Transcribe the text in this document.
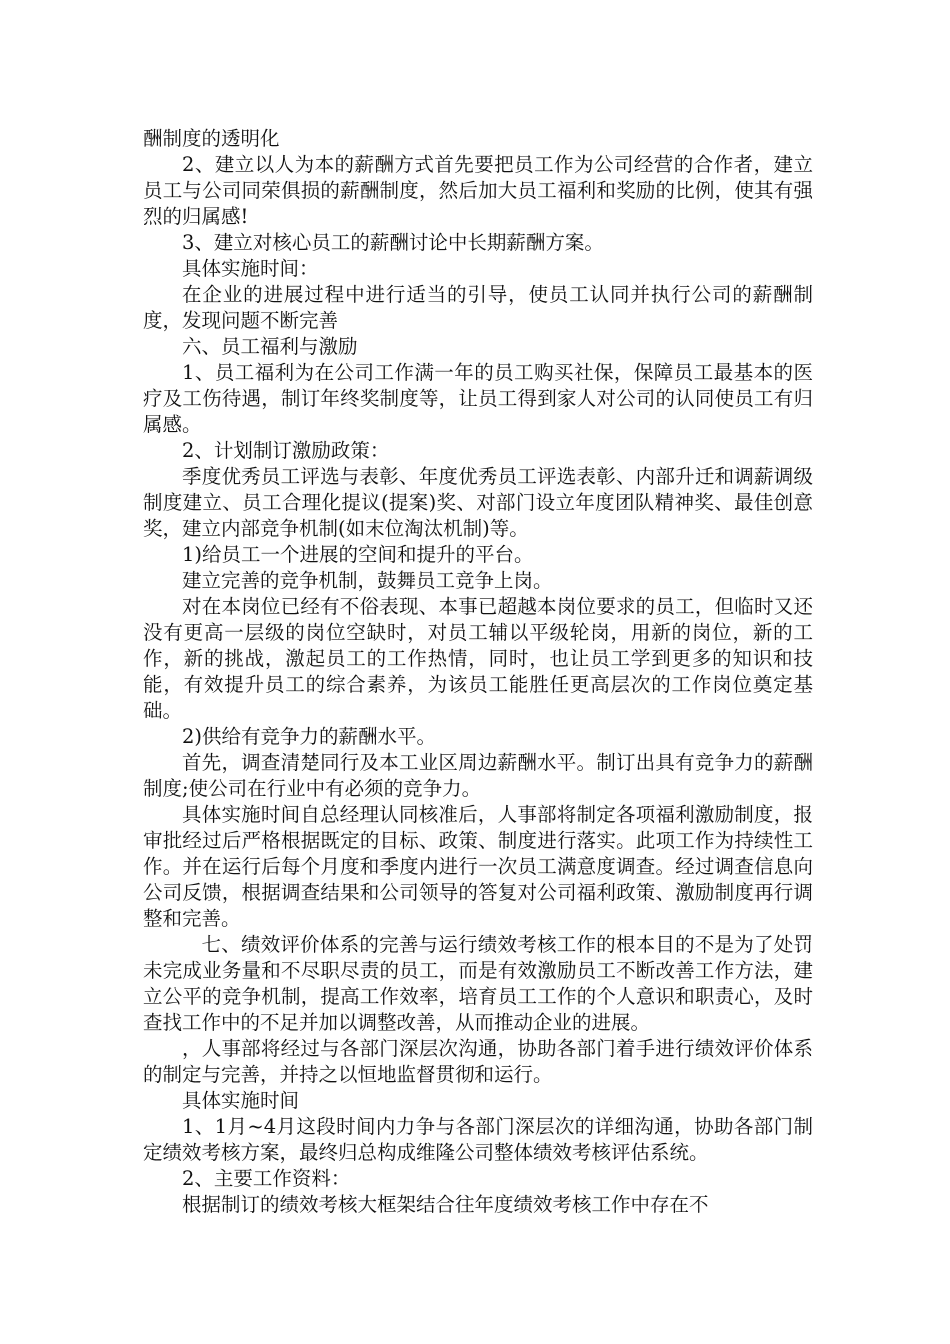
酬制度的透明化

2、建立以人为本的薪酬方式首先要把员工作为公司经营的合作者，建立员工与公司同荣俱损的薪酬制度，然后加大员工福利和奖励的比例，使其有强烈的归属感!

3、建立对核心员工的薪酬讨论中长期薪酬方案。

具体实施时间：

在企业的进展过程中进行适当的引导，使员工认同并执行公司的薪酬制度，发现问题不断完善

六、员工福利与激励

1、员工福利为在公司工作满一年的员工购买社保，保障员工最基本的医疗及工伤待遇，制订年终奖制度等，让员工得到家人对公司的认同使员工有归属感。

2、计划制订激励政策：

季度优秀员工评选与表彰、年度优秀员工评选表彰、内部升迁和调薪调级制度建立、员工合理化提议(提案)奖、对部门设立年度团队精神奖、最佳创意奖，建立内部竞争机制(如末位淘汰机制)等。

1)给员工一个进展的空间和提升的平台。

建立完善的竞争机制，鼓舞员工竞争上岗。

对在本岗位已经有不俗表现、本事已超越本岗位要求的员工，但临时又还没有更高一层级的岗位空缺时，对员工辅以平级轮岗，用新的岗位，新的工作，新的挑战，激起员工的工作热情，同时，也让员工学到更多的知识和技能，有效提升员工的综合素养，为该员工能胜任更高层次的工作岗位奠定基础。

2)供给有竞争力的薪酬水平。

首先，调查清楚同行及本工业区周边薪酬水平。制订出具有竞争力的薪酬制度;使公司在行业中有必须的竞争力。

具体实施时间自总经理认同核准后，人事部将制定各项福利激励制度，报审批经过后严格根据既定的目标、政策、制度进行落实。此项工作为持续性工作。并在运行后每个月度和季度内进行一次员工满意度调查。经过调查信息向公司反馈，根据调查结果和公司领导的答复对公司福利政策、激励制度再行调整和完善。

七、绩效评价体系的完善与运行绩效考核工作的根本目的不是为了处罚未完成业务量和不尽职尽责的员工，而是有效激励员工不断改善工作方法，建立公平的竞争机制，提高工作效率，培育员工工作的个人意识和职责心，及时查找工作中的不足并加以调整改善，从而推动企业的进展。

，人事部将经过与各部门深层次沟通，协助各部门着手进行绩效评价体系的制定与完善，并持之以恒地监督贯彻和运行。

具体实施时间

1、1月~4月这段时间内力争与各部门深层次的详细沟通，协助各部门制定绩效考核方案，最终归总构成维隆公司整体绩效考核评估系统。

2、主要工作资料：

根据制订的绩效考核大框架结合往年度绩效考核工作中存在不
